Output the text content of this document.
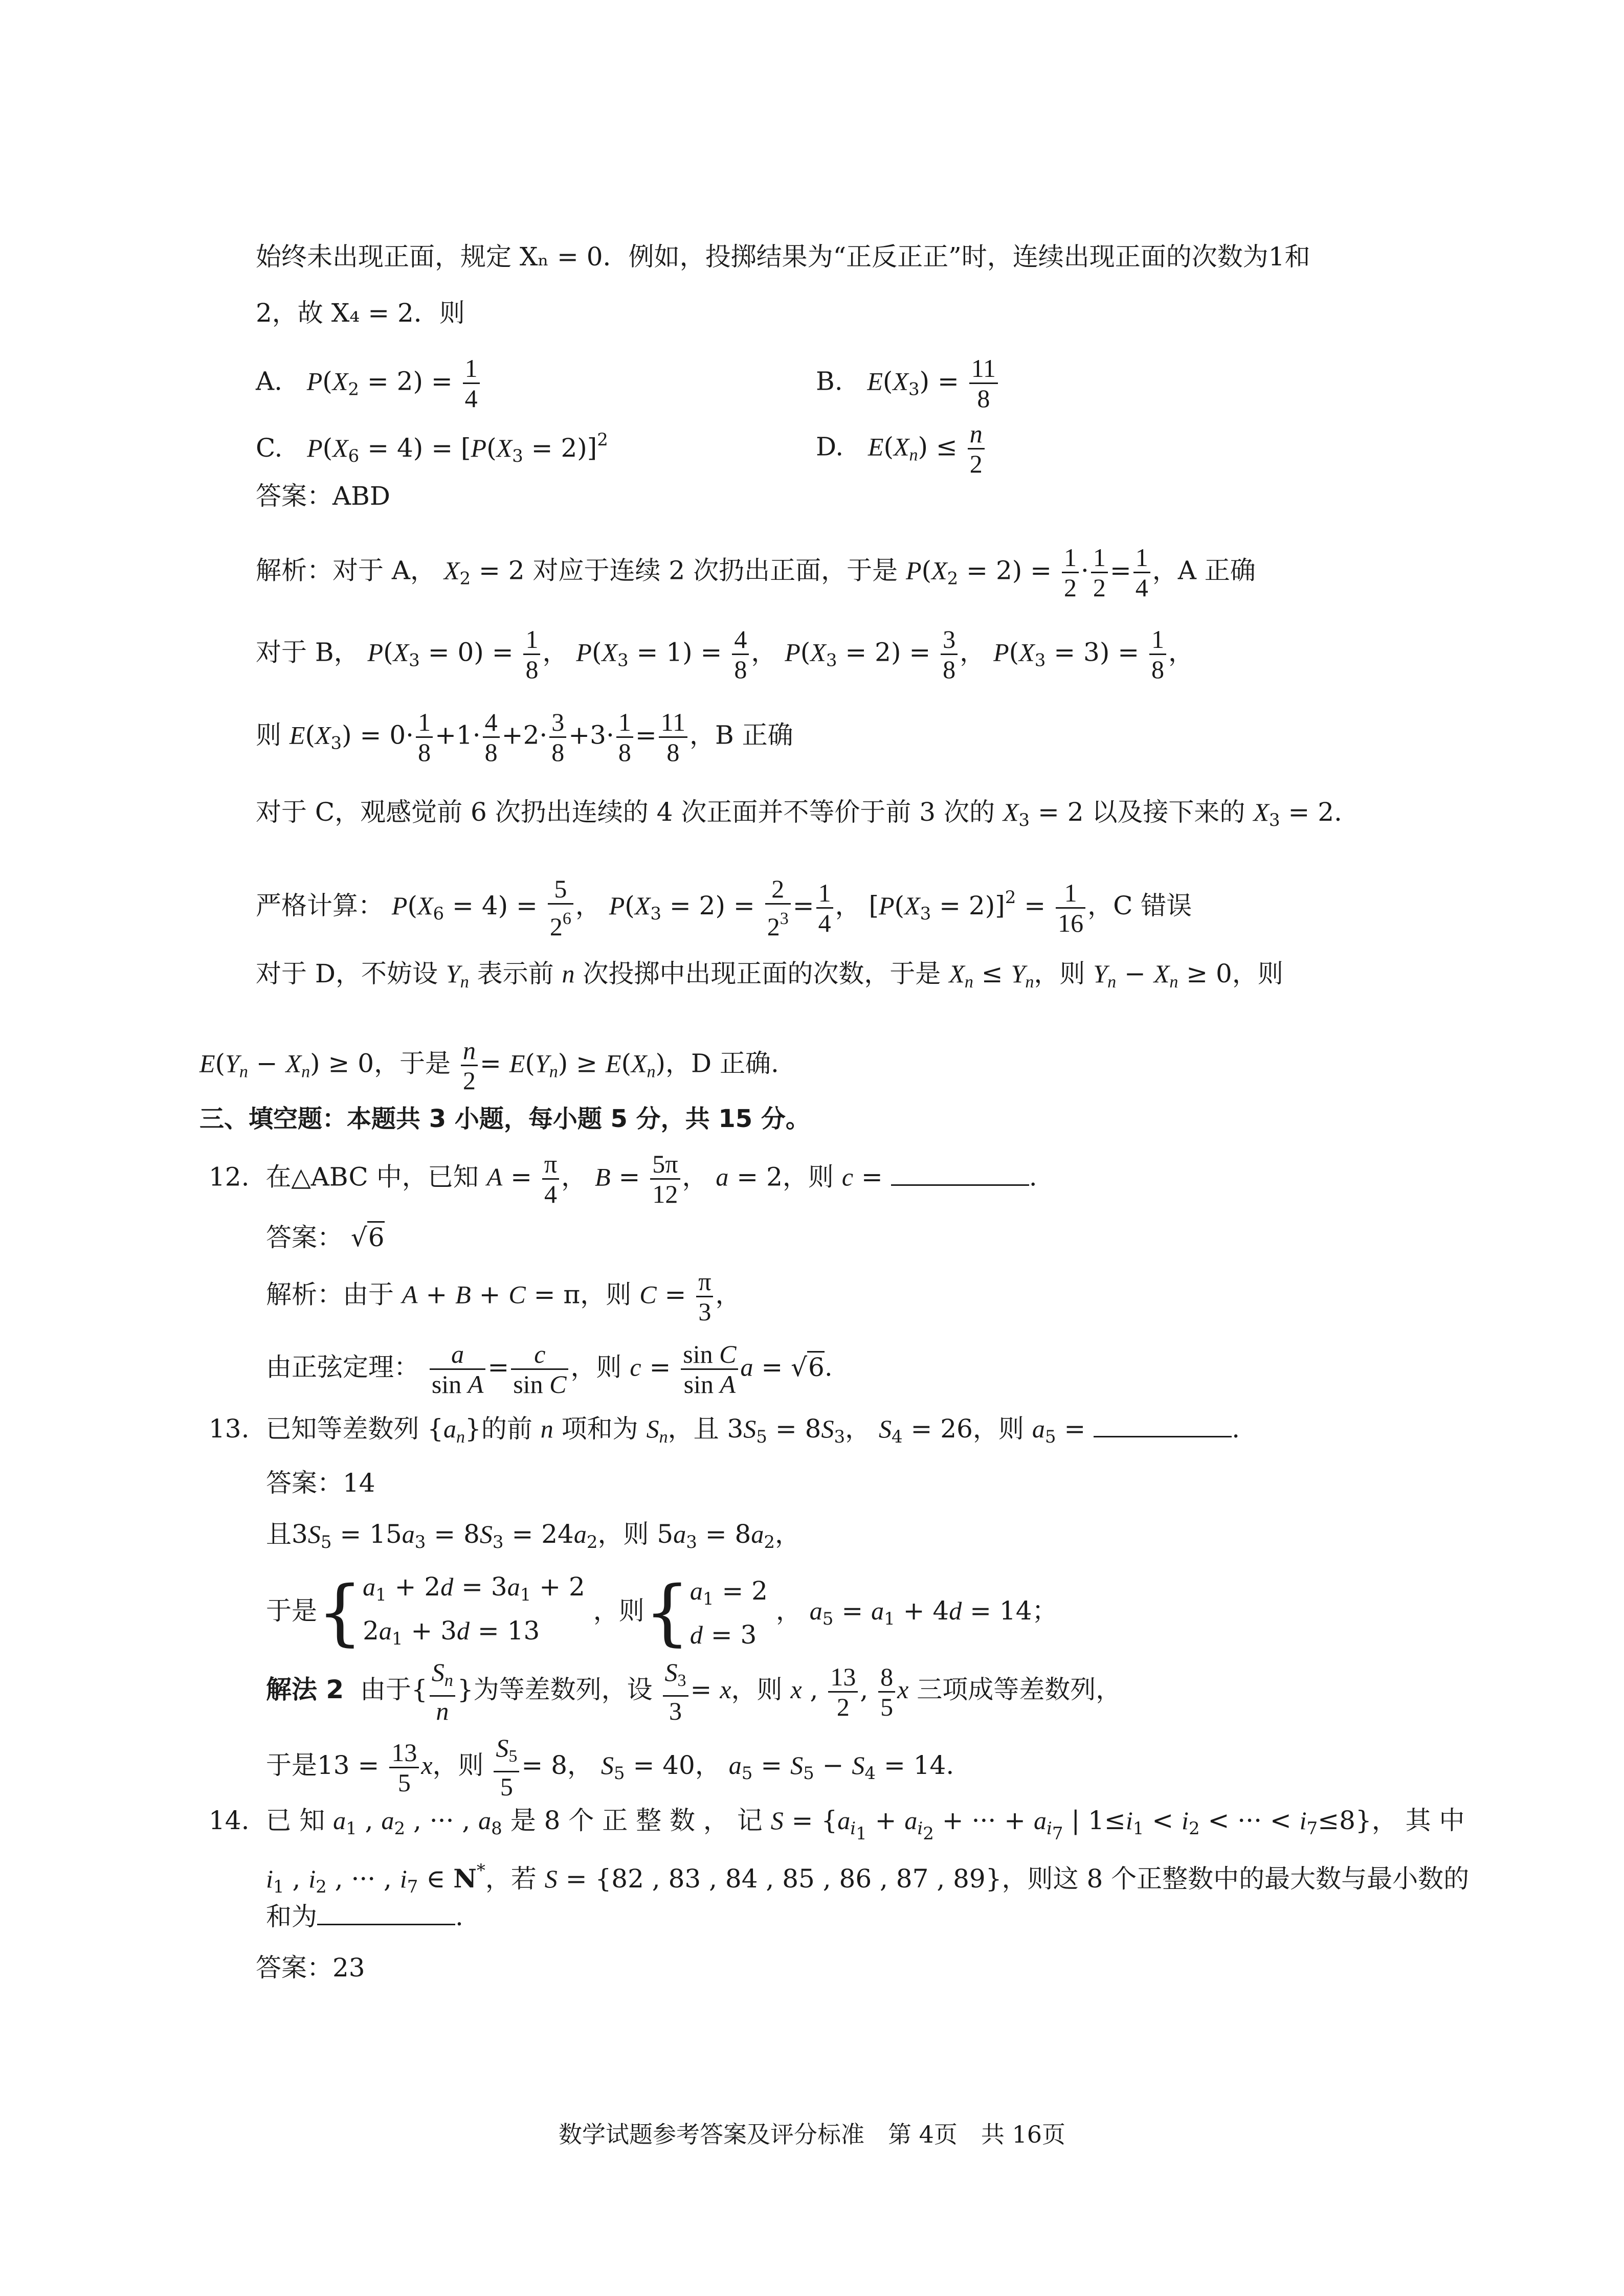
始终未出现正面，规定 Xₙ = 0．例如，投掷结果为“正反正正”时，连续出现正面的次数为1和
2，故 X₄ = 2．则
A. $P(X_2 = 2) = \frac{1}{4}$	B. $E(X_3) = \frac{11}{8}$
C. $P(X_6 = 4) = [P(X_3 = 2)]^2$	D. $E(X_n) \le \frac{n}{2}$
答案：ABD
解析：对于 A， $X_2 = 2$ 对应于连续 2 次扔出正面，于是 $P(X_2 = 2) = \frac{1}{2} \cdot \frac{1}{2} = \frac{1}{4}$ ，A 正确
对于 B， $P(X_3 = 0) = \frac{1}{8}$ ， $P(X_3 = 1) = \frac{4}{8}$ ， $P(X_3 = 2) = \frac{3}{8}$ ， $P(X_3 = 3) = \frac{1}{8}$ ，
则 $E(X_3) = 0\cdot \frac{1}{8} +1\cdot \frac{4}{8} +2\cdot \frac{3}{8} +3\cdot \frac{1}{8} = \frac{11}{8}$ ，B 正确
对于 C，观感觉前 6 次扔出连续的 4 次正面并不等价于前 3 次的 $X_3 = 2$ 以及接下来的 $X_3 = 2$.
严格计算： $P(X_6 = 4) = \frac{5}{2^6}$ ， $P(X_3 = 2) = \frac{2}{2^3} = \frac{1}{4}$ ， $[P(X_3 = 2)]^2 = \frac{1}{16}$ ，C 错误
对于 D，不妨设 $Y_n$ 表示前 n 次投掷中出现正面的次数，于是 $X_n \le Y_n$，则 $Y_n - X_n \ge 0$，则
$E(Y_n - X_n) \ge 0$，于是 $\frac{n}{2} = E(Y_n) \ge E(X_n)$，D 正确.
三、填空题：本题共 3 小题，每小题 5 分，共 15 分。
12. 在△ABC 中，已知 $A = \frac{\pi}{4}$ ， $B = \frac{5\pi}{12}$ ， a = 2，则 c =	.
答案： √6
解析：由于 A + B + C = π，则 $C = \frac{\pi}{3}$ ，
由正弦定理： $\frac{a}{\text{sin A}} = \frac{c}{\text{sin C}}$ ，则 $c = \frac{\text{sin C}}{\text{sin A}}$ a = √6.
13. 已知等差数列 $\{a_n\}$的前 n 项和为 $S_n$，且 $3S_5 = 8S_3$， $S_4 = 26$，则 $a_5$ =	.
答案：14
且$3S_5 = 15a_3 = 8S_3 = 24a_2$，则 $5a_3 = 8a_2$，
于是{$a_1 + 2d = 3a_1 + 2$
$2a_1 + 3d = 13$ ，则{$a_1 = 2$
d = 3 ， $a_5 = a_1 + 4d = 14$；
解法 2 由于{ $\frac{S_n}{n}$ }为等差数列，设 $\frac{S_3}{3} = x$，则 x , $\frac{13}{2}$ , $\frac{8}{5}$ x 三项成等差数列，
于是$13 = \frac{13}{5}$ x，则 $\frac{S_5}{5} = 8$， $S_5 = 40$， $a_5 = S_5 - S_4 = 14$.
14. 已 知 $a_1$ , $a_2$ , ··· , $a_8$ 是 8 个 正 整 数 ， 记 $S = \{a_{i_1} + a_{i_2}$ + ··· + $a_{i_7}$ | $1\le i_1 < i_2$ < ··· < $i_7\le 8$}， 其 中
$i_1$ , $i_2$ , ··· , $i_7$ ∈ N*，若 S = {82 , 83 , 84 , 85 , 86 , 87 , 89}，则这 8 个正整数中的最大数与最小数的
和为	.
答案：23
数学试题参考答案及评分标准　第 4页　共 16页
